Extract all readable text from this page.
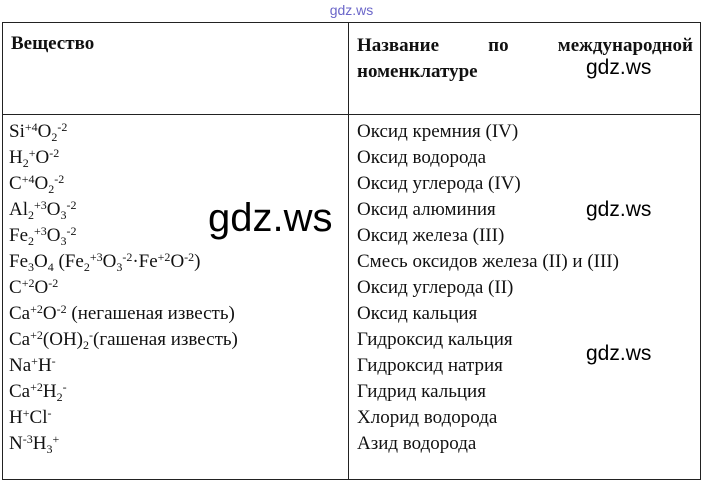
gdz.ws
Вещество	Название по международной номенклатуре
$Si^{+4}O_2^{-2}$
$H_2^+O^{-2}$
$C^{+4}O_2^{-2}$
$Al_2^{+3}O_3^{-2}$
$Fe_2^{+3}O_3^{-2}$
$Fe_3O_4$ $(Fe_2^{+3}O_3^{-2}\cdot Fe^{+2}O^{-2})$
$C^{+2}O^{-2}$
$Ca^{+2}O^{-2}$ (негашеная известь)
$Ca^{+2}(OH)_2^-(гашеная$ известь)
Na+H-
$Ca^{+2}H_2^-$
H+Cl-
$N^{-3}H_3^+$
Оксид кремния (IV)
Оксид водорода
Оксид углерода (IV)
Оксид алюминия
Оксид железа (III)
Смесь оксидов железа (II) и (III)
Оксид углерода (II)
Оксид кальция
Гидроксид кальция
Гидроксид натрия
Гидрид кальция
Хлорид водорода
Азид водорода
gdz.ws
gdz.ws
gdz.ws
gdz.ws
